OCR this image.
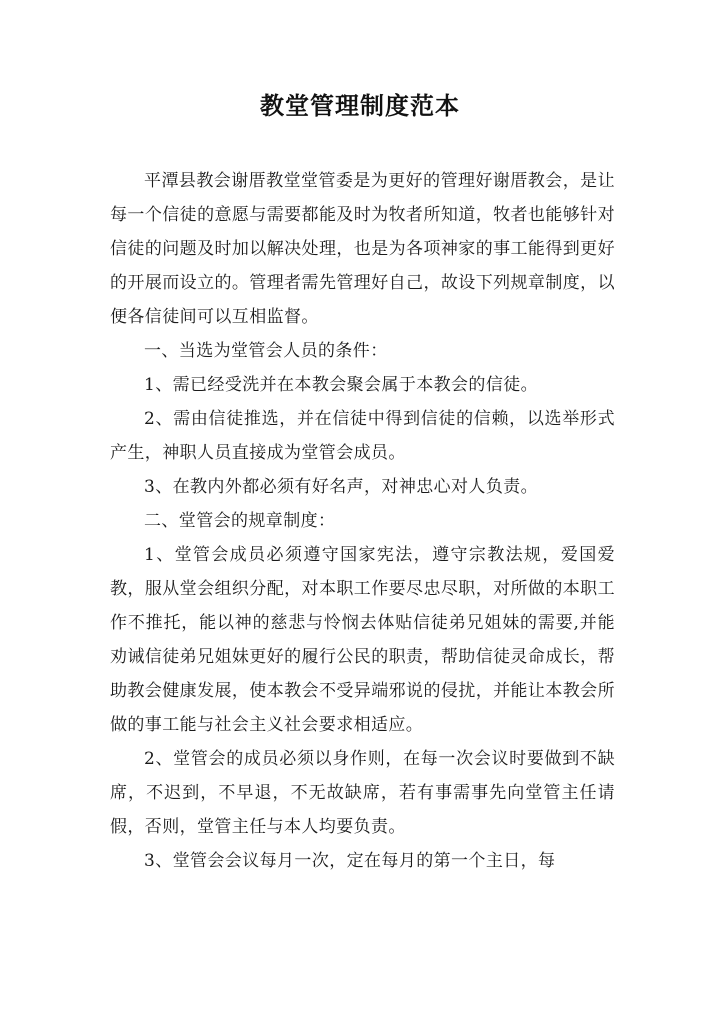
教堂管理制度范本

平潭县教会谢厝教堂堂管委是为更好的管理好谢厝教会，是让每一个信徒的意愿与需要都能及时为牧者所知道，牧者也能够针对信徒的问题及时加以解决处理，也是为各项神家的事工能得到更好的开展而设立的。管理者需先管理好自己，故设下列规章制度，以便各信徒间可以互相监督。

一、当选为堂管会人员的条件：

1、需已经受洗并在本教会聚会属于本教会的信徒。

2、需由信徒推选，并在信徒中得到信徒的信赖，以选举形式产生，神职人员直接成为堂管会成员。

3、在教内外都必须有好名声，对神忠心对人负责。

二、堂管会的规章制度：

1、堂管会成员必须遵守国家宪法，遵守宗教法规，爱国爱教，服从堂会组织分配，对本职工作要尽忠尽职，对所做的本职工作不推托，能以神的慈悲与怜悯去体贴信徒弟兄姐妹的需要,并能劝诫信徒弟兄姐妹更好的履行公民的职责，帮助信徒灵命成长，帮助教会健康发展，使本教会不受异端邪说的侵扰，并能让本教会所做的事工能与社会主义社会要求相适应。

2、堂管会的成员必须以身作则，在每一次会议时要做到不缺席，不迟到，不早退，不无故缺席，若有事需事先向堂管主任请假，否则，堂管主任与本人均要负责。

3、堂管会会议每月一次，定在每月的第一个主日，每
